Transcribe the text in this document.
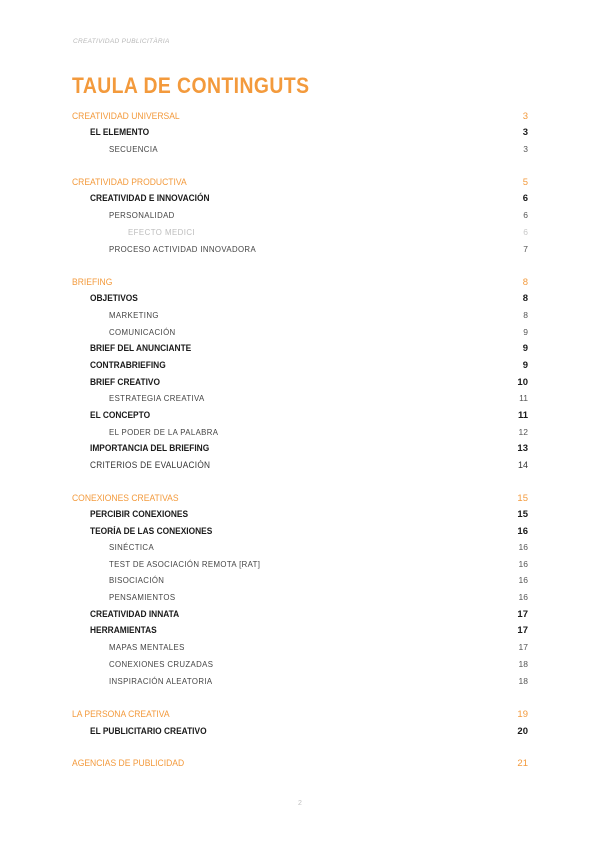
CREATIVIDAD PUBLICITÀRIA
TAULA DE CONTINGUTS
CREATIVIDAD UNIVERSAL	3
EL ELEMENTO	3
SECUENCIA	3
CREATIVIDAD PRODUCTIVA	5
CREATIVIDAD E INNOVACIÓN	6
PERSONALIDAD	6
EFECTO MEDICI	6
PROCESO ACTIVIDAD INNOVADORA	7
BRIEFING	8
OBJETIVOS	8
MARKETING	8
COMUNICACIÓN	9
BRIEF DEL ANUNCIANTE	9
CONTRABRIEFING	9
BRIEF CREATIVO	10
ESTRATEGIA CREATIVA	11
EL CONCEPTO	11
EL PODER DE LA PALABRA	12
IMPORTANCIA DEL BRIEFING	13
CRITERIOS DE EVALUACIÓN	14
CONEXIONES CREATIVAS	15
PERCIBIR CONEXIONES	15
TEORÍA DE LAS CONEXIONES	16
SINÉCTICA	16
TEST DE ASOCIACIÓN REMOTA [RAT]	16
BISOCIACIÓN	16
PENSAMIENTOS	16
CREATIVIDAD INNATA	17
HERRAMIENTAS	17
MAPAS MENTALES	17
CONEXIONES CRUZADAS	18
INSPIRACIÓN ALEATORIA	18
LA PERSONA CREATIVA	19
EL PUBLICITARIO CREATIVO	20
AGENCIAS DE PUBLICIDAD	21
2
